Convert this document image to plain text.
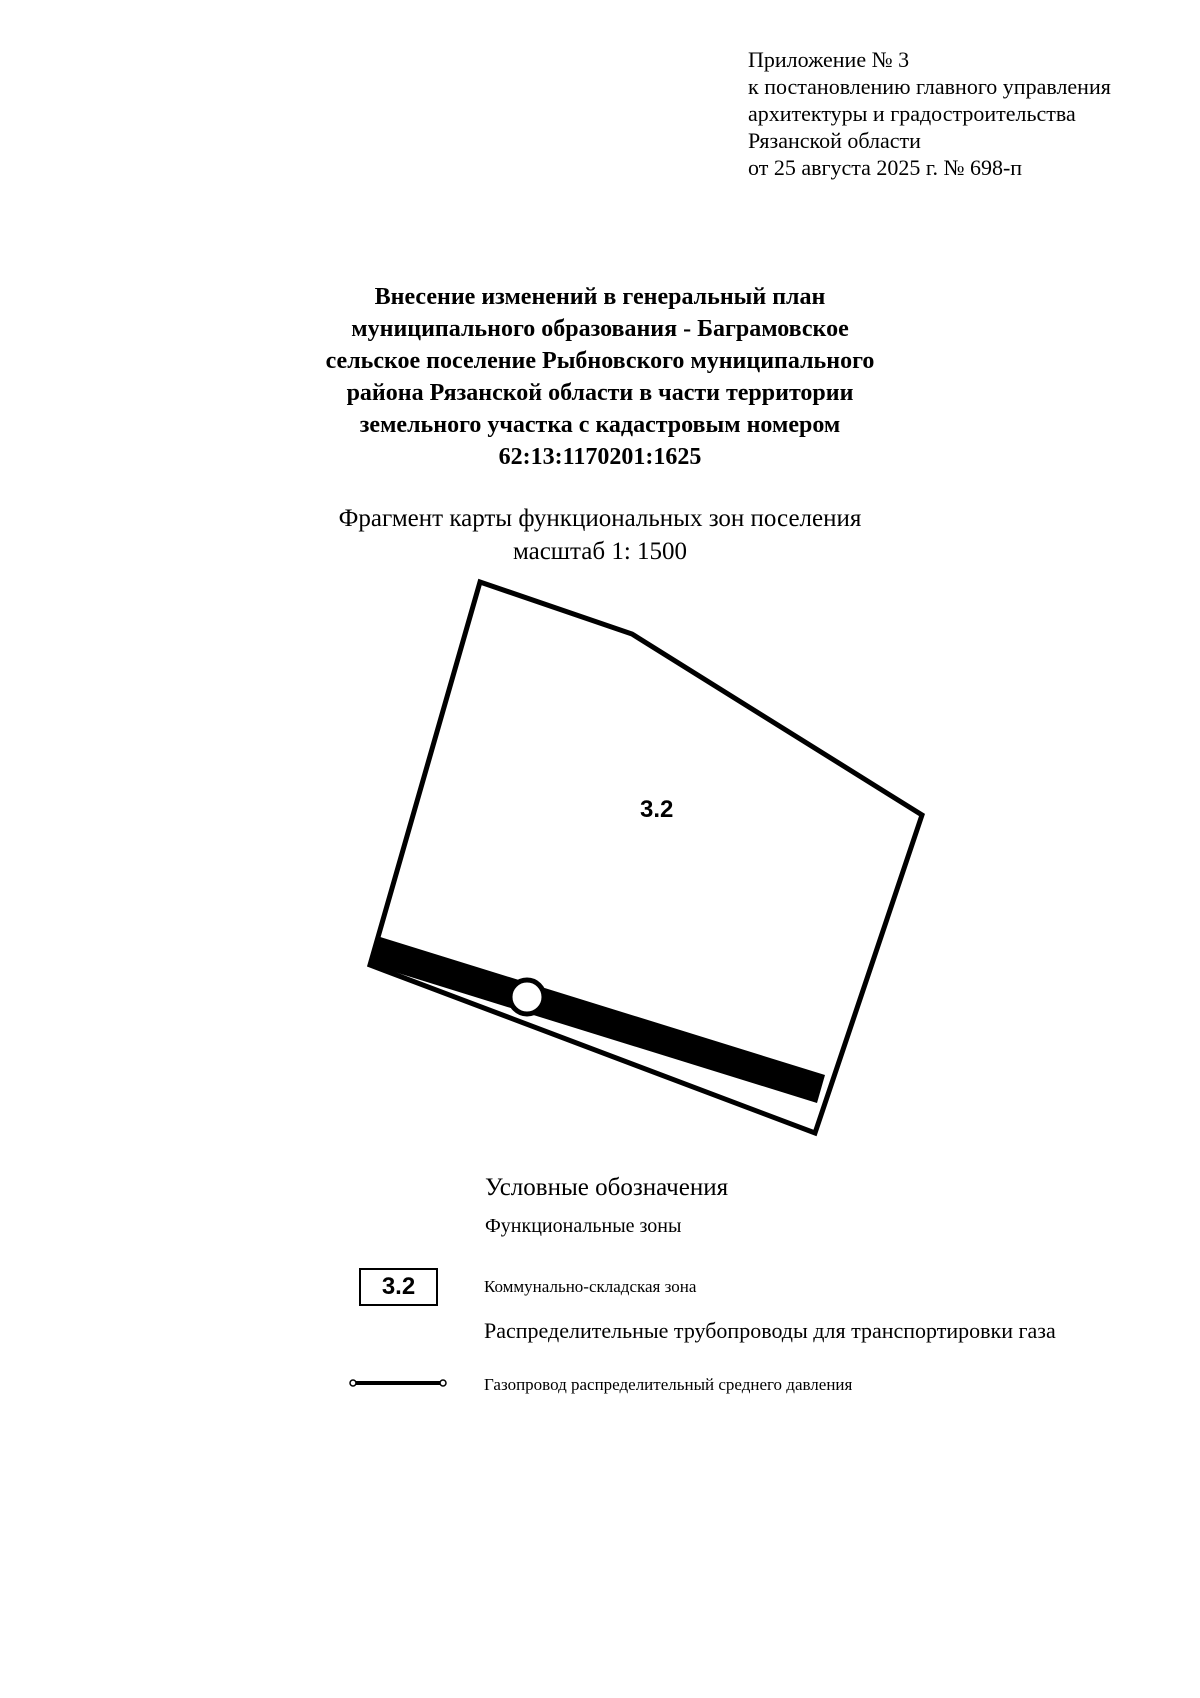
Приложение № 3
к постановлению главного управления
архитектуры и градостроительства
Рязанской области
от 25 августа 2025 г. № 698-п
Внесение изменений в генеральный план
муниципального образования - Баграмовское
сельское поселение Рыбновского муниципального
района Рязанской области в части территории
земельного участка с кадастровым номером
62:13:1170201:1625
Фрагмент карты функциональных зон поселения
масштаб 1: 1500
3.2
Условные обозначения
Функциональные зоны
3.2	Коммунально-складская зона
Распределительные трубопроводы для транспортировки газа
Газопровод распределительный среднего давления
